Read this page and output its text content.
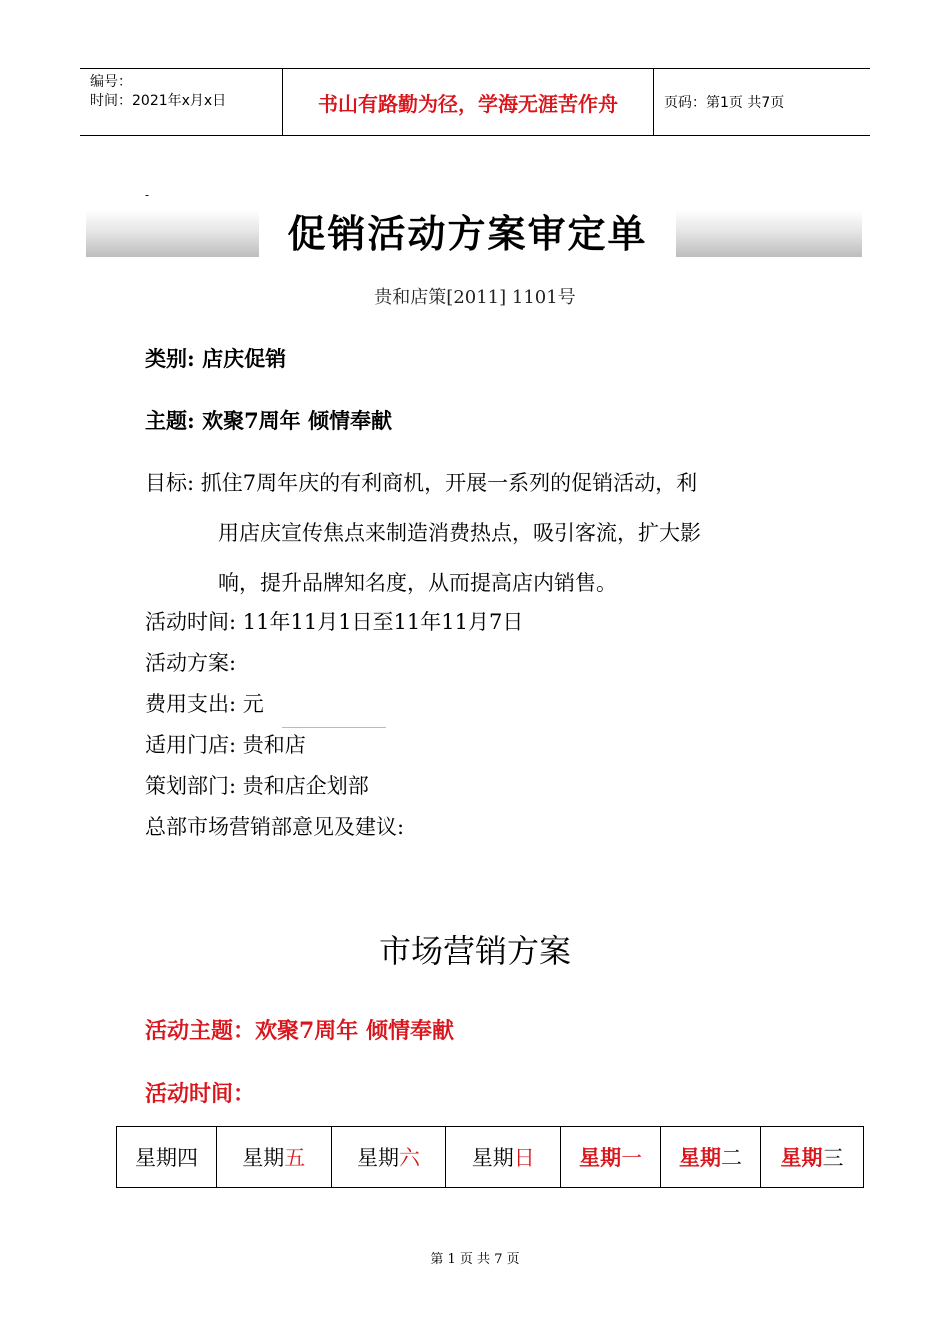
编号：
时间：2021年x月x日	书山有路勤为径，学海无涯苦作舟	页码：第1页 共7页
-
促销活动方案审定单
贵和店策[2011] 1101号
类别: 店庆促销
主题: 欢聚7周年 倾情奉献
目标: 抓住7周年庆的有利商机，开展一系列的促销活动，利
用店庆宣传焦点来制造消费热点，吸引客流，扩大影
响，提升品牌知名度，从而提高店内销售。
活动时间: 11年11月1日至11年11月7日
活动方案:
费用支出: 元
适用门店: 贵和店
策划部门: 贵和店企划部
总部市场营销部意见及建议:
市场营销方案
活动主题：欢聚7周年 倾情奉献
活动时间：
星期四	星期五	星期六	星期日	星期一	星期二	星期三
第 1 页 共 7 页
